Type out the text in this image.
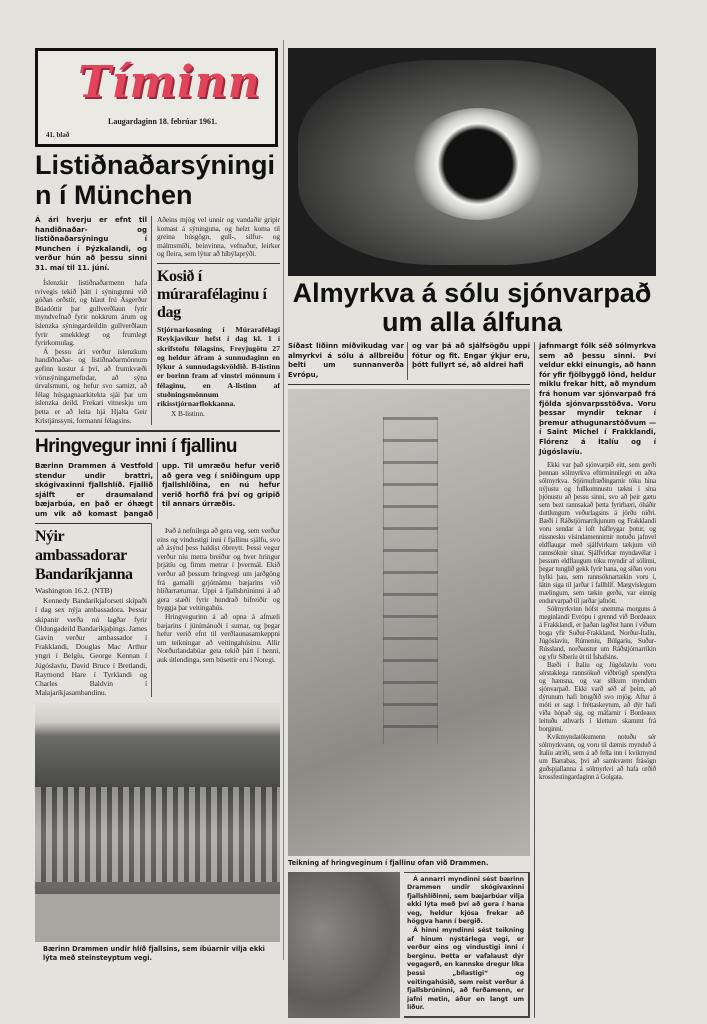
Tíminn
Laugardaginn 18. febrúar 1961.
41. blað
Listiðnaðarsýningin í München
Á ári hverju er efnt til handiðnaðar- og listiðnaðarsýningu í Munchen í Þýzkalandi, og verður hún að þessu sinni 31. maí til 11. júní.

Íslenzkir listiðnaðarmenn hafa tvívegis tekið þátt í sýningunni við góðan orðstír, og hlaut frú Ásgerður Búadóttir þar gullverðlaun fyrir myndvefnað fyrir nokkrum árum og íslenzka sýningardeildin gullverðlaun fyrir smekklegt og frumlegt fyrirkomulag.

Á þessu ári verður íslenzkum handiðnaðar- og listiðnaðarmönnum gefinn kostur á því, að frumkvæði vörusýningarnefndar, að sýna úrvalsmuni, og hefur svo samizt, að félag húsgagnaarkitekta sjái þar um íslenzka deild. Frekari vitneskju um þetta er að leita hjá Hjalta Geir Kristjánssyni, formanni félagsins.

Aðeins mjög vel unnir og vandaðir gripir komast á sýninguna, og helzt koma til greina húsgögn, gull-, silfur- og málmsmíði, beinvinna, vefnaður, leirker og fleira, sem lýtur að híbýlaprýði.
Kosið í múrarafélaginu í dag
Stjórnarkosning í Múrarafélagi Reykjavíkur hefst í dag kl. 1 í skrifstofu félagsins, Freyjugötu 27 og heldur áfram á sunnudaginn en lýkur á sunnudagskvöldið. B-listinn er borinn fram af vinstri mönnum í félaginu, en A-listinn af stuðningsmönnum ríkisstjórnarflokkanna.
X B-listinn.
Hringvegur inni í fjallinu
Bærinn Drammen á Vestfold stendur undir brattri, skógivaxinni fjallshlíð. Fjallið sjálft er draumaland bæjarbúa, en það er óhægt um vik að komast þangað upp. Til umræðu hefur verið að gera veg í sniðingum upp fjallshlíðina, en nú hefur verið horfið frá því og gripið til annars úrræðis.
Nýir ambassadorar Bandaríkjanna
Washington 16.2. (NTB)
Kennedy Bandaríkjaforseti skipaði í dag sex nýja ambassadora. Þessar skipanir verða nú lagðar fyrir Öldungadeild Bandaríkjaþings. James Gavin verður ambassador í Frakklandi, Douglas Mac Arthur yngri í Belgíu, George Kennan í Júgóslavíu, David Bruce í Bretlandi, Raymond Hare í Tyrklandi og Charles Baldvin í Malajaríkjasambandinu.

Það á nefnilega að gera veg, sem verður eins og vindustigi inni í fjallinu sjálfu, svo að ásýnd þess haldist óbreytt. Þessi vegur verður níu metra breiður og hver hringur þrjátíu og fimm metrar í þvermál. Ekið verður að þessum hringvegi um jarðgöng frá gamalli grjótnámu bæjarins við hlíðarræturnar. Uppi á fjallsbrúninni á að gera stæði fyrir hundrað bifreiðir og byggja þar veitingahús.

Hringvegurinn á að opna á afmæli bæjarins í júnímánuði í sumar, og þegar hefur verið efnt til verðlaunasamkeppni um teikningar að veitingahúsinu. Allir Norðurlandabúar geta tekið þátt í henni, auk útlendinga, sem búsettir eru í Noregi.

Bærinn Drammen undir hlíð fjallsins, sem íbúarnir vilja ekki lýta með steinsteyptum vegi.
Almyrkva á sólu sjónvarpað um alla álfuna
Síðast liðinn miðvikudag var almyrkvi á sólu á allbreiðu belti um sunnanverða Evrópu,
og var þá að sjálfsögðu uppi fótur og fit. Engar ýkjur eru, þótt fullyrt sé, að aldrei hafi
Teikning af hringveginum í fjallinu ofan við Drammen.

Á annarri myndinni sést bærinn Drammen undir skógivaxinni fjallshlíðinni, sem bæjarbúar vilja ekki lýta með því að gera í hana veg, heldur kjósa frekar að höggva hann í bergið.

Á hinni myndinni sést teikning af hinum nýstárlega vegi, er verður eins og vindustigi inni í berginu. Þetta er vafalaust dýr vegagerð, en kannske dregur líka þessi „bílastigi“ og veitingahúsið, sem reist verður á fjallsbrúninni, að ferðamenn, er jafni metin, áður en langt um líður.

jafnmargt fólk séð sólmyrkva sem að þessu sinni. Því veldur ekki einungis, að hann fór yfir fjölbyggð lönd, heldur miklu frekar hitt, að myndum frá honum var sjónvarpað frá fjölda sjónvarpsstöðva. Voru þessar myndir teknar í þremur athugunarstöðvum — í Saint Michel í Frakklandi, Flórenz á Ítalíu og í Júgóslavíu.

Ekki var það sjónvarpið eitt, sem gerði þennan sólmyrkva eftirminnilegri en aðra sólmyrkva. Stjörnufræðingarnir tóku hina nýjustu og fullkomnustu tækni í sína þjónustu að þessu sinni, svo að þeir gætu sem bezt rannsakað þetta fyrirbæri, óháðir duttlungum veðurlagsins á jörðu niðri. Bæði í Ráðstjórnarríkjunum og Frakklandi voru sendar á loft háfleygar þotur, og rússnesku vísindamennirnir notuðu jafnvel eldflaugar með sjálfvirkum tækjum við rannsóknir sínar. Sjálfvirkar myndavélar í þessum eldflaugum tóku myndir af sólinni, þegar tunglið gekk fyrir hana, og síðan voru hylki þau, sem rannsóknartækin voru í, látin síga til jarðar í fallhlíf. Margvíslegum mælingum, sem tækin gerðu, var einnig endurvarpað til jarðar jafnótt.

Sólmyrkvinn hófst snemma morguns á meginlandi Evrópu í grennd við Bordeaux á Frakklandi, er þaðan lagðist hann í víðum boga yfir Suður-Frakkland, Norður-Ítalíu, Júgóslavíu, Rúmeníu, Búlgaríu, Suður-Rússland, norðaustur um Ráðstjórnarríkin og yfir Síberíu út til Íshafsins.

Bæði í Ítalíu og Júgóslavíu voru sérstaklega rannsökuð viðbrögð spendýra og hænsna, og var slíkum myndum sjónvarpað. Ekki varð séð af þeim, að dýrunum hafi brugðið svo mjög. Aftur á móti er sagt í fréttaskeytum, að dýr hafi víða hópað sig, og máfarnir í Bordeaux leituðu athvarfs í klettum skammt frá borginni.

Kvikmyndatökumenn notuðu sér sólmyrkvann, og voru til dæmis mynduð á Ítalíu atriði, sem á að fella inn í kvikmynd um Barrabas, því að samkvæmt frásögn guðspjallanna á sólmyrkvi að hafa orðið krossfestingardaginn á Golgata.
